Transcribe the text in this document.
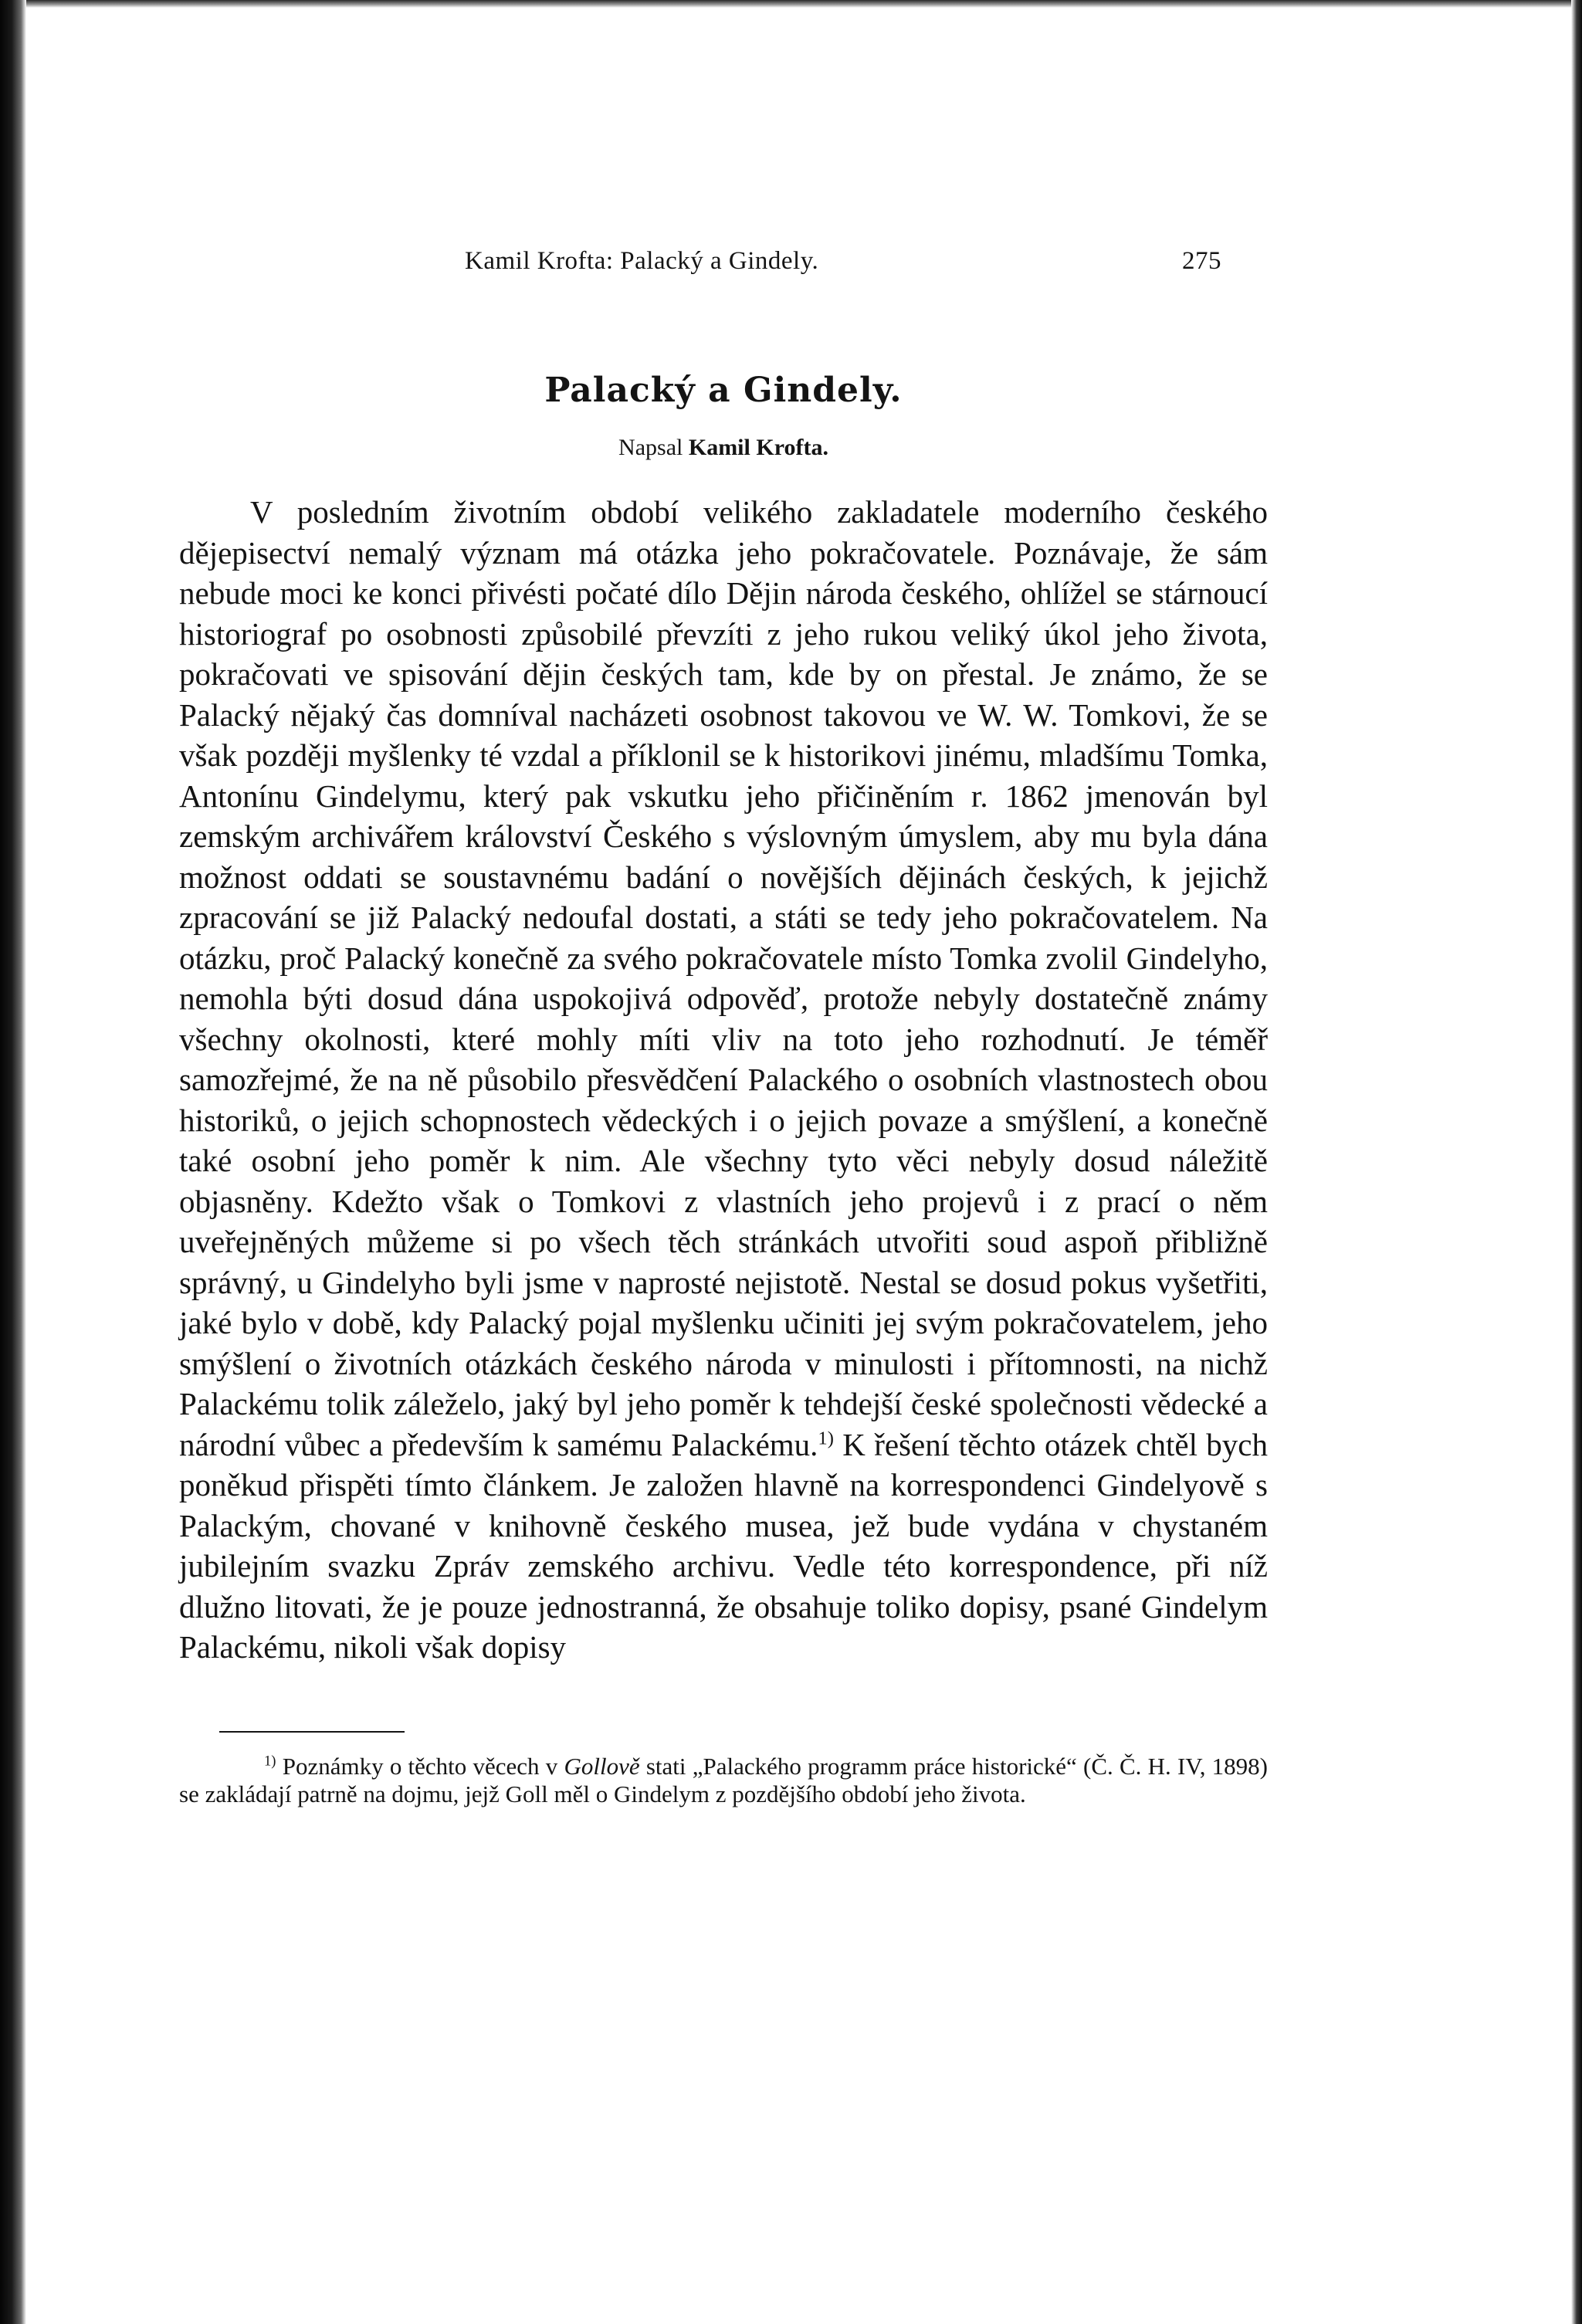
Kamil Krofta: Palacký a Gindely.	275
Palacký a Gindely.
Napsal Kamil Krofta.

V posledním životním období velikého zakladatele moderního českého dějepisectví nemalý význam má otázka jeho pokračovatele. Poznávaje, že sám nebude moci ke konci přivésti počaté dílo Dějin národa českého, ohlížel se stárnoucí historiograf po osobnosti způsobilé převzíti z jeho rukou veliký úkol jeho života, pokračovati ve spisování dějin českých tam, kde by on přestal. Je známo, že se Palacký nějaký čas domníval nacházeti osobnost takovou ve W. W. Tomkovi, že se však později myšlenky té vzdal a příklonil se k historikovi jinému, mladšímu Tomka, Antonínu Gindelymu, který pak vskutku jeho přičiněním r. 1862 jmenován byl zemským archivářem království Českého s výslovným úmyslem, aby mu byla dána možnost oddati se soustavnému badání o novějších dějinách českých, k jejichž zpracování se již Palacký nedoufal dostati, a státi se tedy jeho pokračovatelem. Na otázku, proč Palacký konečně za svého pokračovatele místo Tomka zvolil Gindelyho, nemohla býti dosud dána uspokojivá odpověď, protože nebyly dostatečně známy všechny okolnosti, které mohly míti vliv na toto jeho rozhodnutí. Je téměř samozřejmé, že na ně působilo přesvědčení Palackého o osobních vlastnostech obou historiků, o jejich schopnostech vědeckých i o jejich povaze a smýšlení, a konečně také osobní jeho poměr k nim. Ale všechny tyto věci nebyly dosud náležitě objasněny. Kdežto však o Tomkovi z vlastních jeho projevů i z prací o něm uveřejněných můžeme si po všech těch stránkách utvořiti soud aspoň přibližně správný, u Gindelyho byli jsme v naprosté nejistotě. Nestal se dosud pokus vyšetřiti, jaké bylo v době, kdy Palacký pojal myšlenku učiniti jej svým pokračovatelem, jeho smýšlení o životních otázkách českého národa v minulosti i přítomnosti, na nichž Palackému tolik záleželo, jaký byl jeho poměr k tehdejší české společnosti vědecké a národní vůbec a především k samému Palackému.$^{1)}$ K řešení těchto otázek chtěl bych poněkud přispěti tímto článkem. Je založen hlavně na korrespondenci Gindelyově s Palackým, chované v knihovně českého musea, jež bude vydána v chystaném jubilejním svazku Zpráv zemského archivu. Vedle této korrespondence, při níž dlužno litovati, že je pouze jednostranná, že obsahuje toliko dopisy, psané Gindelym Palackému, nikoli však dopisy

$^{1)}$ Poznámky o těchto věcech v Gollově stati „Palackého programm práce historické“ (Č. Č. H. IV, 1898) se zakládají patrně na dojmu, jejž Goll měl o Gindelym z pozdějšího období jeho života.
